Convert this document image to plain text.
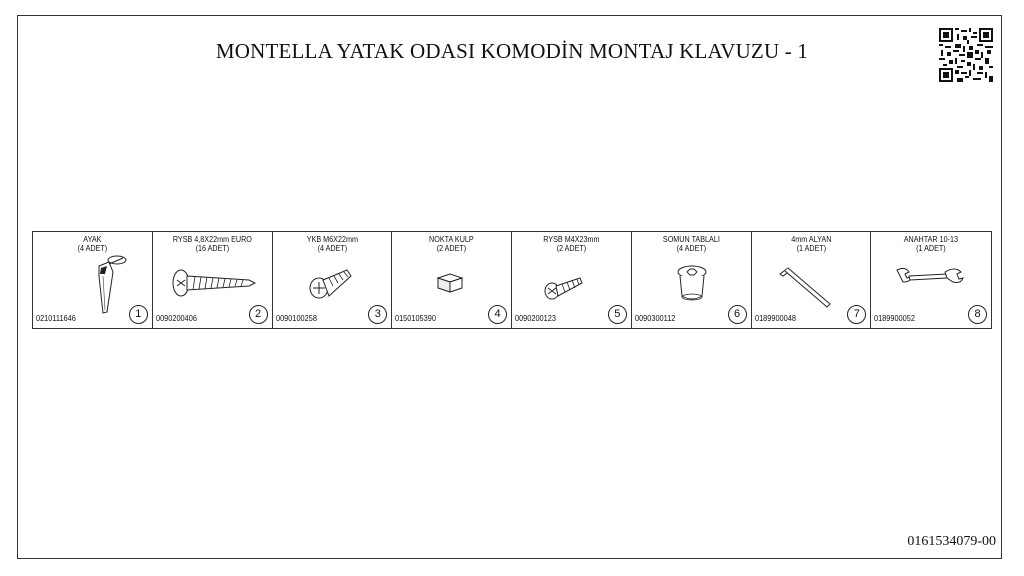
MONTELLA YATAK ODASI KOMODİN MONTAJ KLAVUZU - 1
AYAK
(4 ADET)
0210111646	1
RYSB 4,8X22mm EURO
(16 ADET)
0090200406	2
YKB M6X22mm
(4 ADET)
0090100258	3
NOKTA KULP
(2 ADET)
0150105390	4
RYSB M4X23mm
(2 ADET)
0090200123	5
SOMUN TABLALI
(4 ADET)
0090300112	6
4mm ALYAN
(1 ADET)
0189900048	7
ANAHTAR 10-13
(1 ADET)
0189900052	8
0161534079-00
